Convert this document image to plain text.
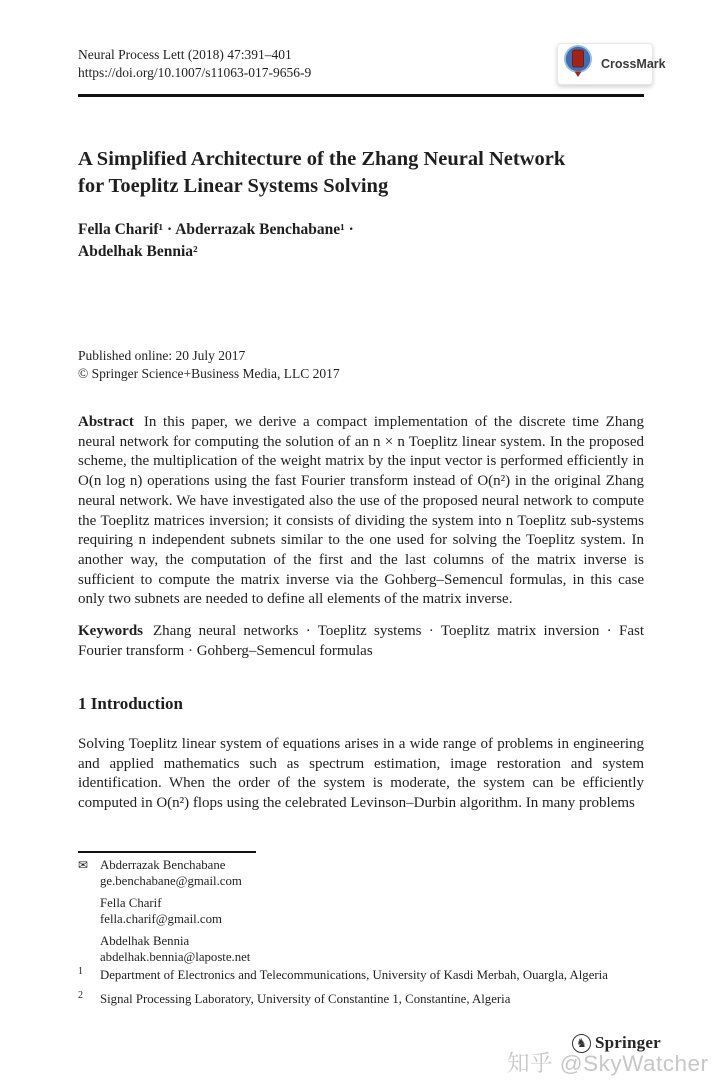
Neural Process Lett (2018) 47:391–401
https://doi.org/10.1007/s11063-017-9656-9
CrossMark
A Simplified Architecture of the Zhang Neural Network
for Toeplitz Linear Systems Solving
Fella Charif¹ · Abderrazak Benchabane¹ ·
Abdelhak Bennia²
Published online: 20 July 2017
© Springer Science+Business Media, LLC 2017

Abstract In this paper, we derive a compact implementation of the discrete time Zhang neural network for computing the solution of an n × n Toeplitz linear system. In the proposed scheme, the multiplication of the weight matrix by the input vector is performed efficiently in O(n log n) operations using the fast Fourier transform instead of O(n²) in the original Zhang neural network. We have investigated also the use of the proposed neural network to compute the Toeplitz matrices inversion; it consists of dividing the system into n Toeplitz sub-systems requiring n independent subnets similar to the one used for solving the Toeplitz system. In another way, the computation of the first and the last columns of the matrix inverse is sufficient to compute the matrix inverse via the Gohberg–Semencul formulas, in this case only two subnets are needed to define all elements of the matrix inverse.

Keywords Zhang neural networks · Toeplitz systems · Toeplitz matrix inversion · Fast Fourier transform · Gohberg–Semencul formulas

1 Introduction

Solving Toeplitz linear system of equations arises in a wide range of problems in engineering and applied mathematics such as spectrum estimation, image restoration and system identification. When the order of the system is moderate, the system can be efficiently computed in O(n²) flops using the celebrated Levinson–Durbin algorithm. In many problems

✉ Abderrazak Benchabane
ge.benchabane@gmail.com
Fella Charif
fella.charif@gmail.com
Abdelhak Bennia
abdelhak.bennia@laposte.net
1	Department of Electronics and Telecommunications, University of Kasdi Merbah, Ouargla, Algeria
2	Signal Processing Laboratory, University of Constantine 1, Constantine, Algeria
♞ Springer
知乎 @SkyWatcher
